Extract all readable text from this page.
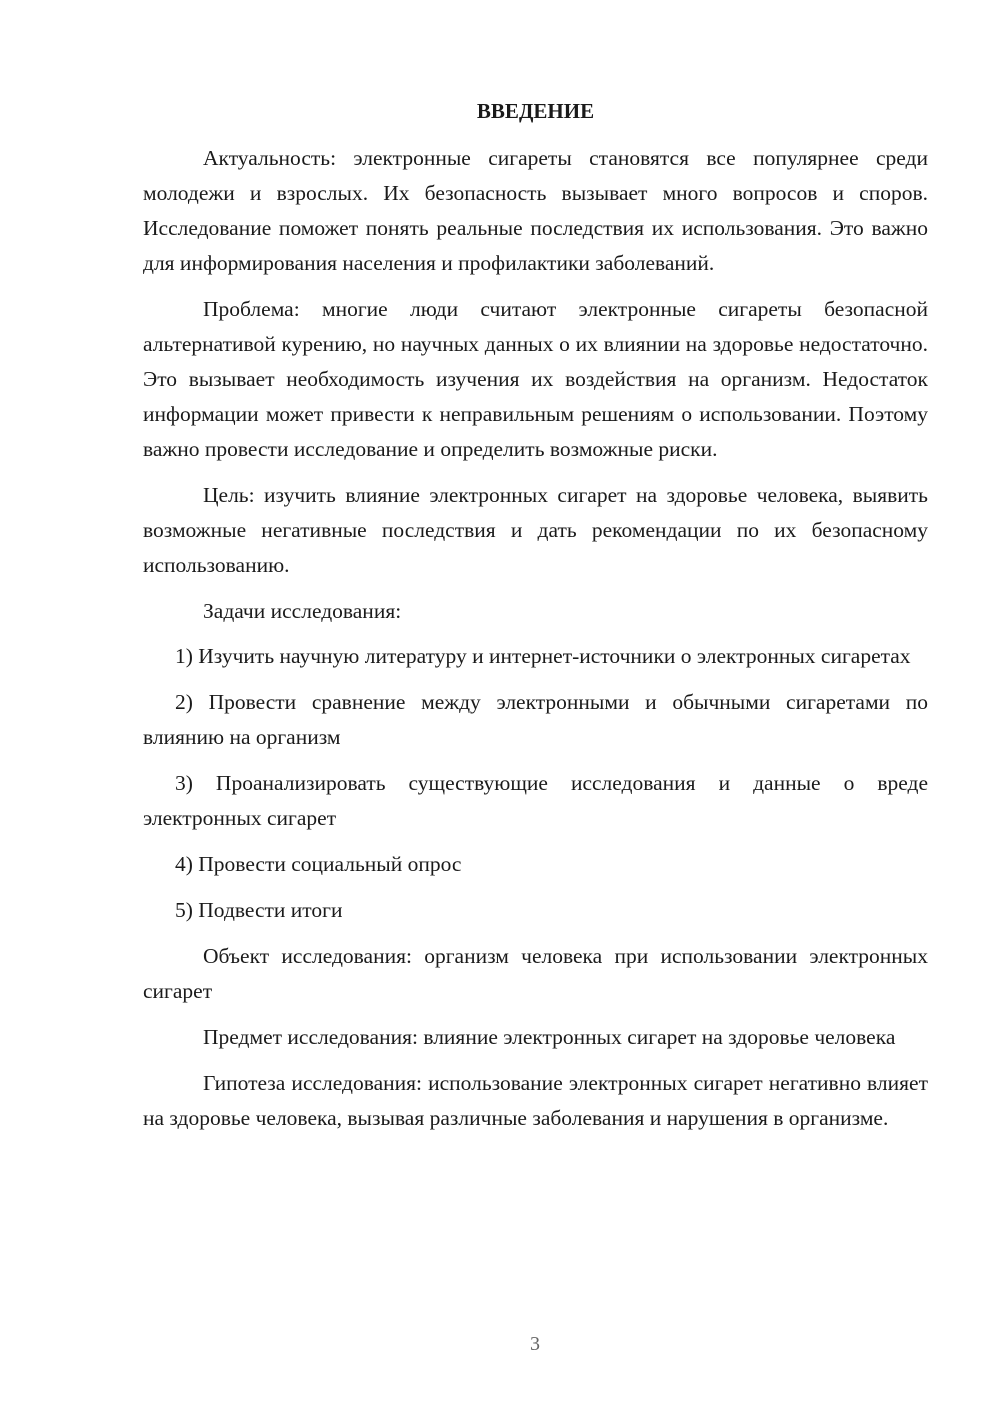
ВВЕДЕНИЕ

Актуальность: электронные сигареты становятся все популярнее среди молодежи и взрослых. Их безопасность вызывает много вопросов и споров. Исследование поможет понять реальные последствия их использования. Это важно для информирования населения и профилактики заболеваний.

Проблема: многие люди считают электронные сигареты безопасной альтернативой курению, но научных данных о их влиянии на здоровье недостаточно. Это вызывает необходимость изучения их воздействия на организм. Недостаток информации может привести к неправильным решениям о использовании. Поэтому важно провести исследование и определить возможные риски.

Цель: изучить влияние электронных сигарет на здоровье человека, выявить возможные негативные последствия и дать рекомендации по их безопасному использованию.

Задачи исследования:

1) Изучить научную литературу и интернет-источники о электронных сигаретах

2) Провести сравнение между электронными и обычными сигаретами по влиянию на организм

3) Проанализировать существующие исследования и данные о вреде электронных сигарет

4) Провести социальный опрос

5) Подвести итоги

Объект исследования: организм человека при использовании электронных сигарет

Предмет исследования: влияние электронных сигарет на здоровье человека

Гипотеза исследования: использование электронных сигарет негативно влияет на здоровье человека, вызывая различные заболевания и нарушения в организме.

3
